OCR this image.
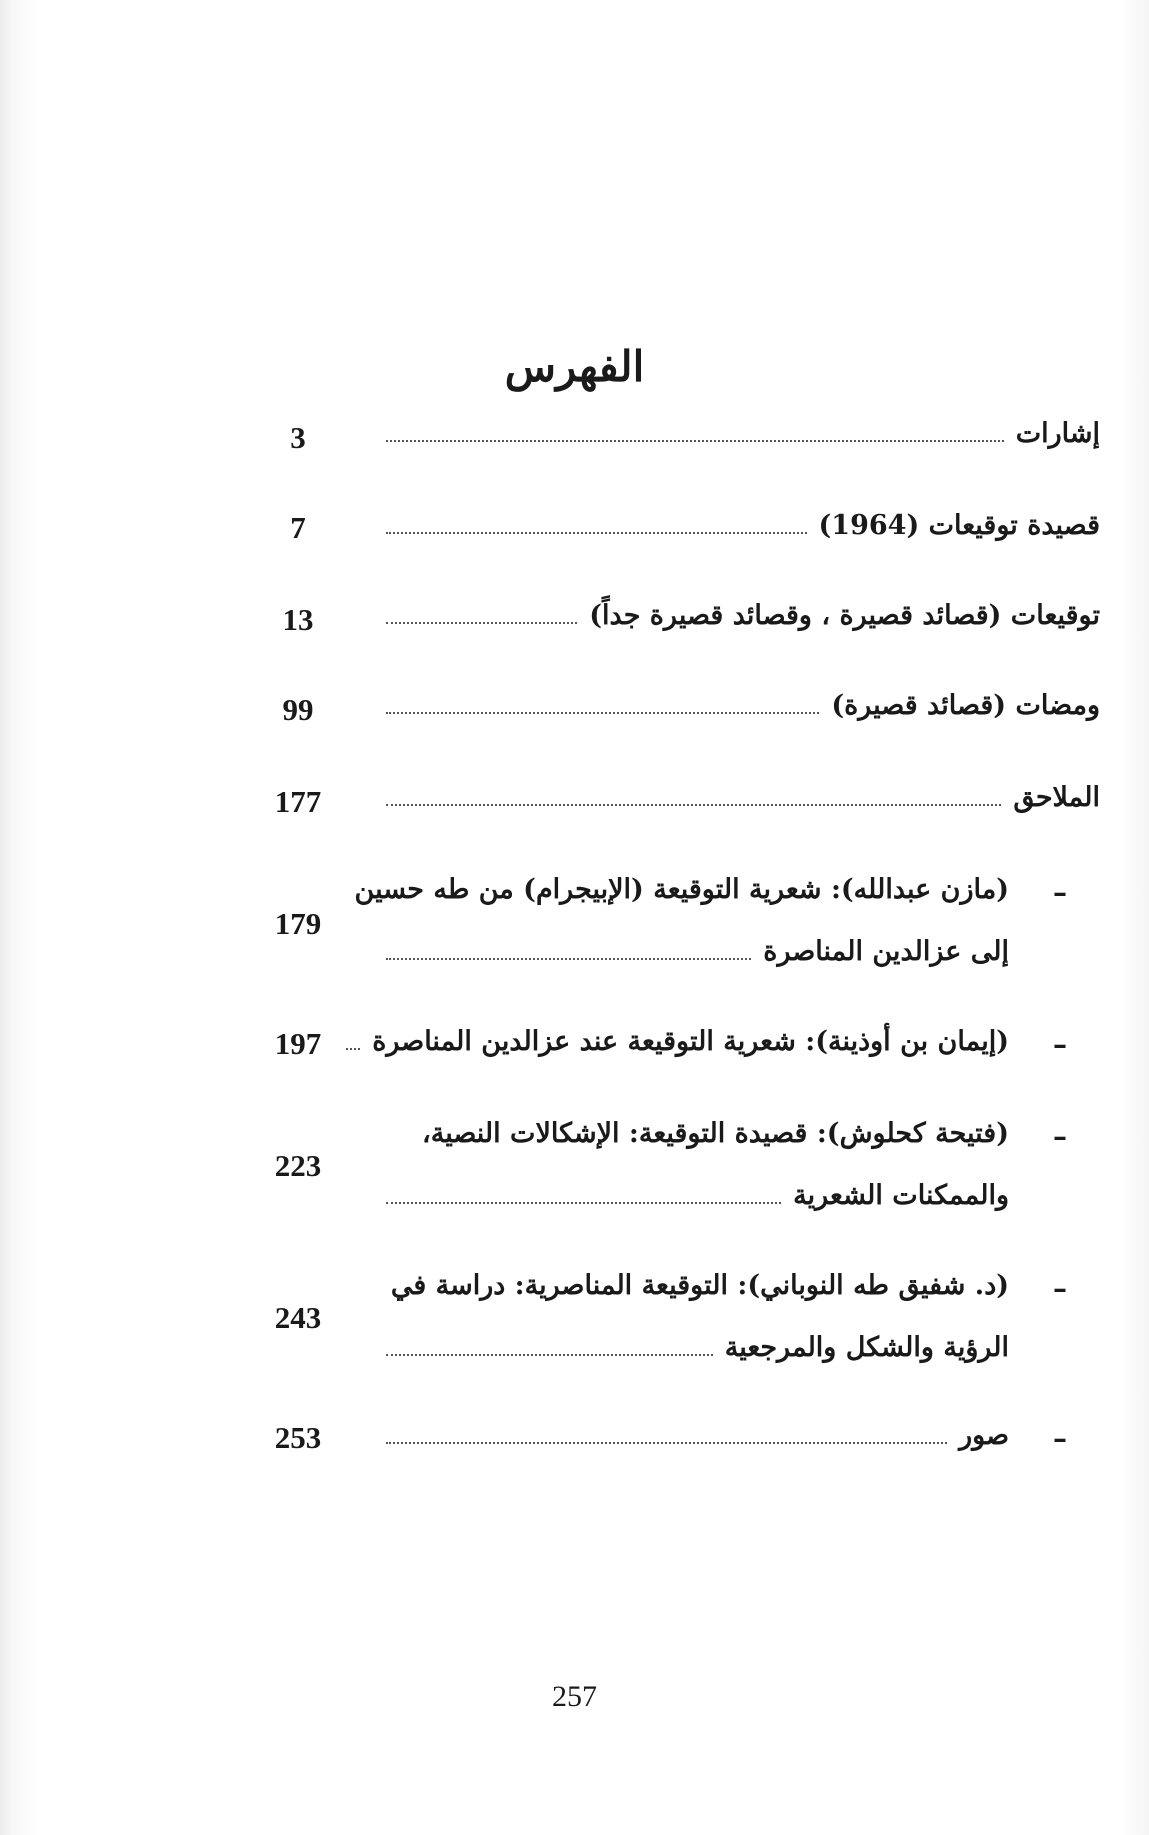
الفهرس
إشارات
3
قصيدة توقيعات (1964)
7
توقيعات (قصائد قصيرة ، وقصائد قصيرة جداً)
13
ومضات (قصائد قصيرة)
99
الملاحق
177
–
(مازن عبدالله): شعرية التوقيعة (الإبيجرام) من طه حسين
إلى عزالدين المناصرة
179
–
(إيمان بن أوذينة): شعرية التوقيعة عند عزالدين المناصرة
197
–
(فتيحة كحلوش): قصيدة التوقيعة: الإشكالات النصية،
والممكنات الشعرية
223
–
(د. شفيق طه النوباني): التوقيعة المناصرية: دراسة في
الرؤية والشكل والمرجعية
243
–
صور
253
257
